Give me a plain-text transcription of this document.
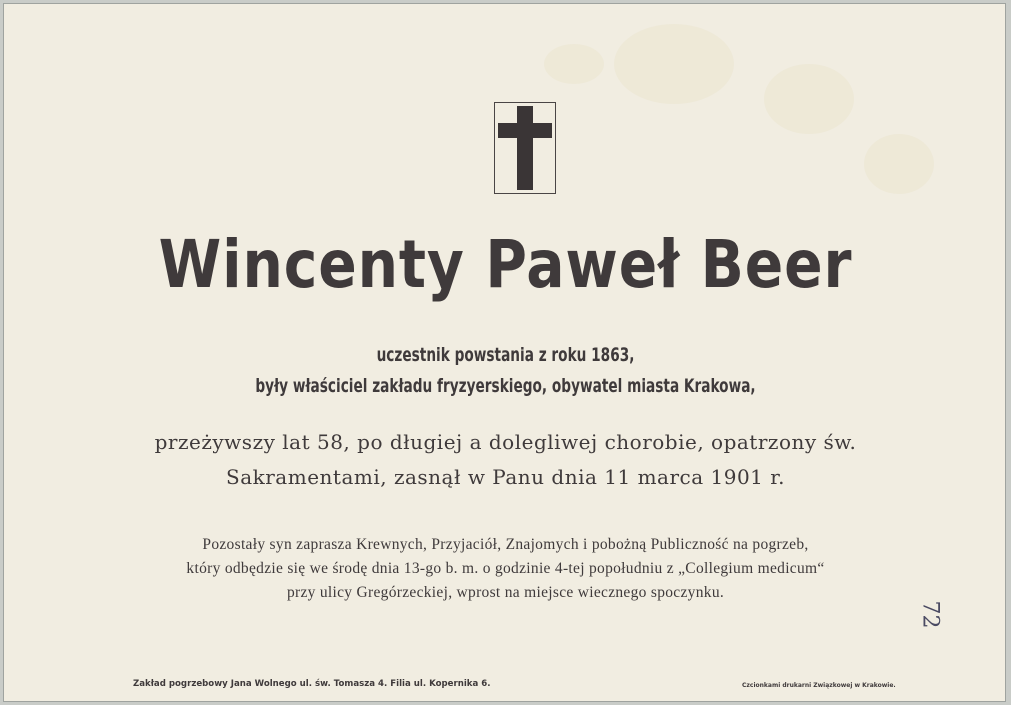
Wincenty Paweł Beer
uczestnik powstania z roku 1863,
były właściciel zakładu fryzyerskiego, obywatel miasta Krakowa,
przeżywszy lat 58, po długiej a dolegliwej chorobie, opatrzony św.
Sakramentami, zasnął w Panu dnia 11 marca 1901 r.
Pozostały syn zaprasza Krewnych, Przyjaciół, Znajomych i pobożną Publiczność na pogrzeb,
który odbędzie się we środę dnia 13-go b. m. o godzinie 4-tej popołudniu z „Collegium medicum“
przy ulicy Gregórzeckiej, wprost na miejsce wiecznego spoczynku.
72
Zakład pogrzebowy Jana Wolnego ul. św. Tomasza 4. Filia ul. Kopernika 6.	Czcionkami drukarni Związkowej w Krakowie.
